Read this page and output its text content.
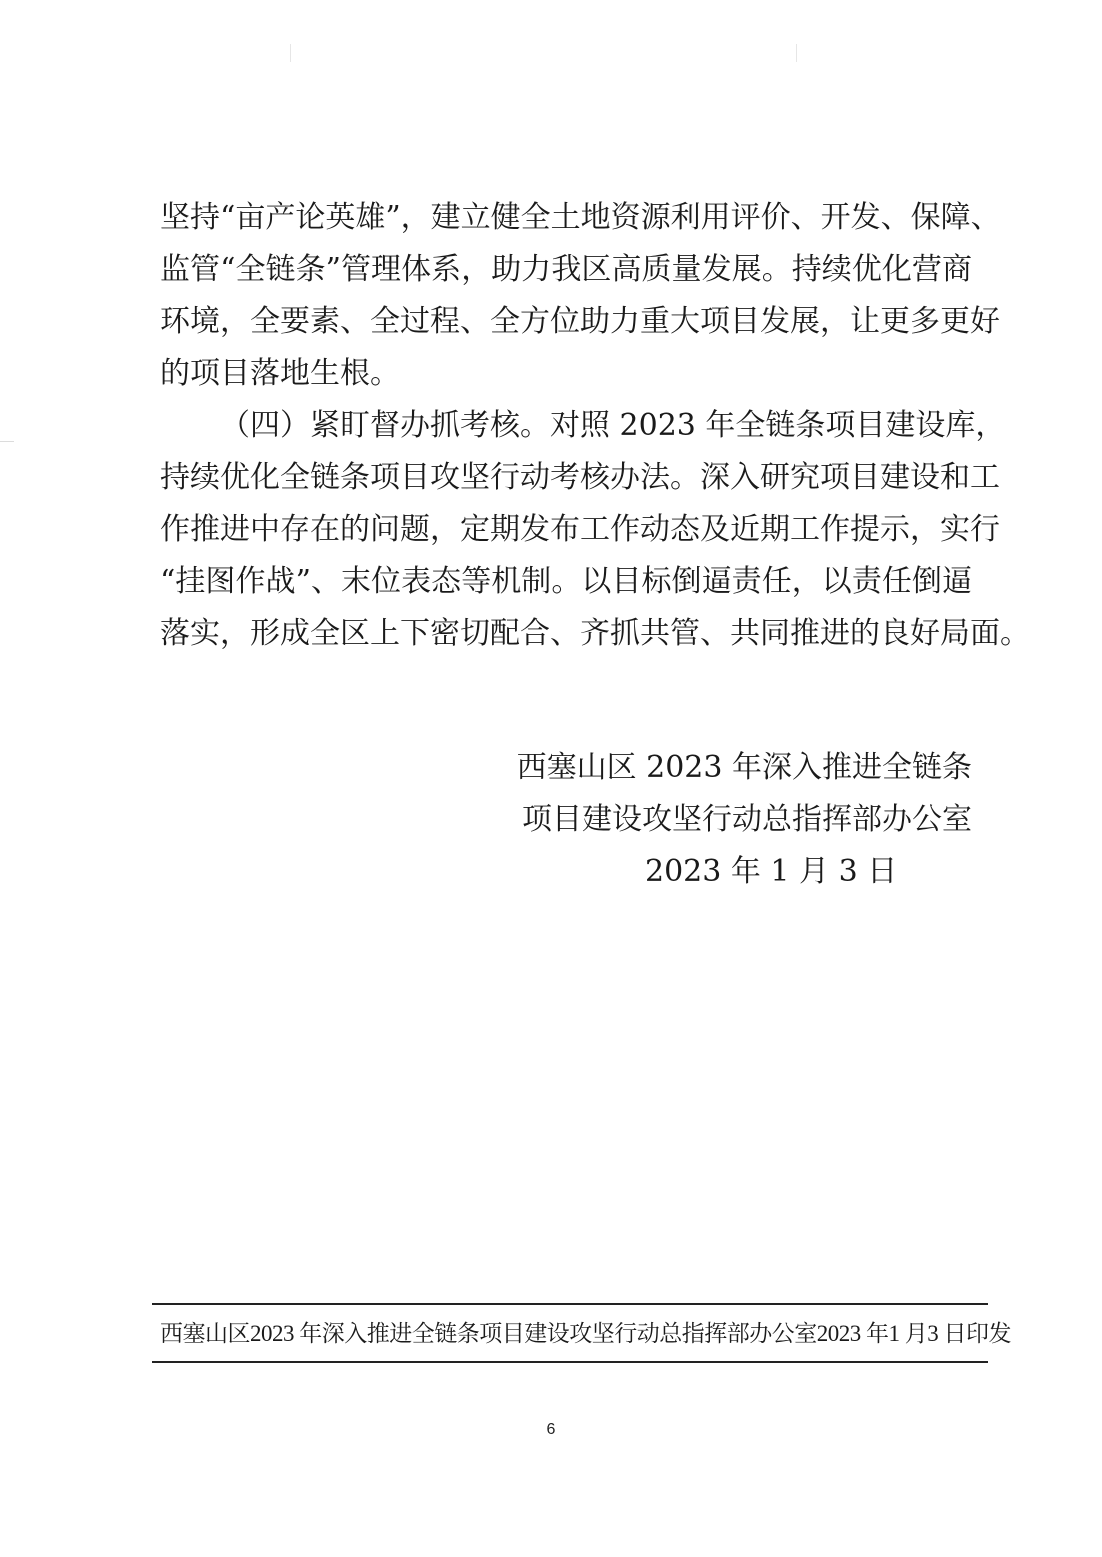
坚持“亩产论英雄”，建立健全土地资源利用评价、开发、保障、
监管“全链条”管理体系，助力我区高质量发展。持续优化营商
环境，全要素、全过程、全方位助力重大项目发展，让更多更好
的项目落地生根。

（四）紧盯督办抓考核。对照 2023 年全链条项目建设库，
持续优化全链条项目攻坚行动考核办法。深入研究项目建设和工
作推进中存在的问题，定期发布工作动态及近期工作提示，实行
“挂图作战”、末位表态等机制。以目标倒逼责任，以责任倒逼
落实，形成全区上下密切配合、齐抓共管、共同推进的良好局面。

西塞山区 2023 年深入推进全链条
项目建设攻坚行动总指挥部办公室
2023 年 1 月 3 日
西塞山区2023 年深入推进全链条项目建设攻坚行动总指挥部办公室 2023 年1 月3 日印发
6
